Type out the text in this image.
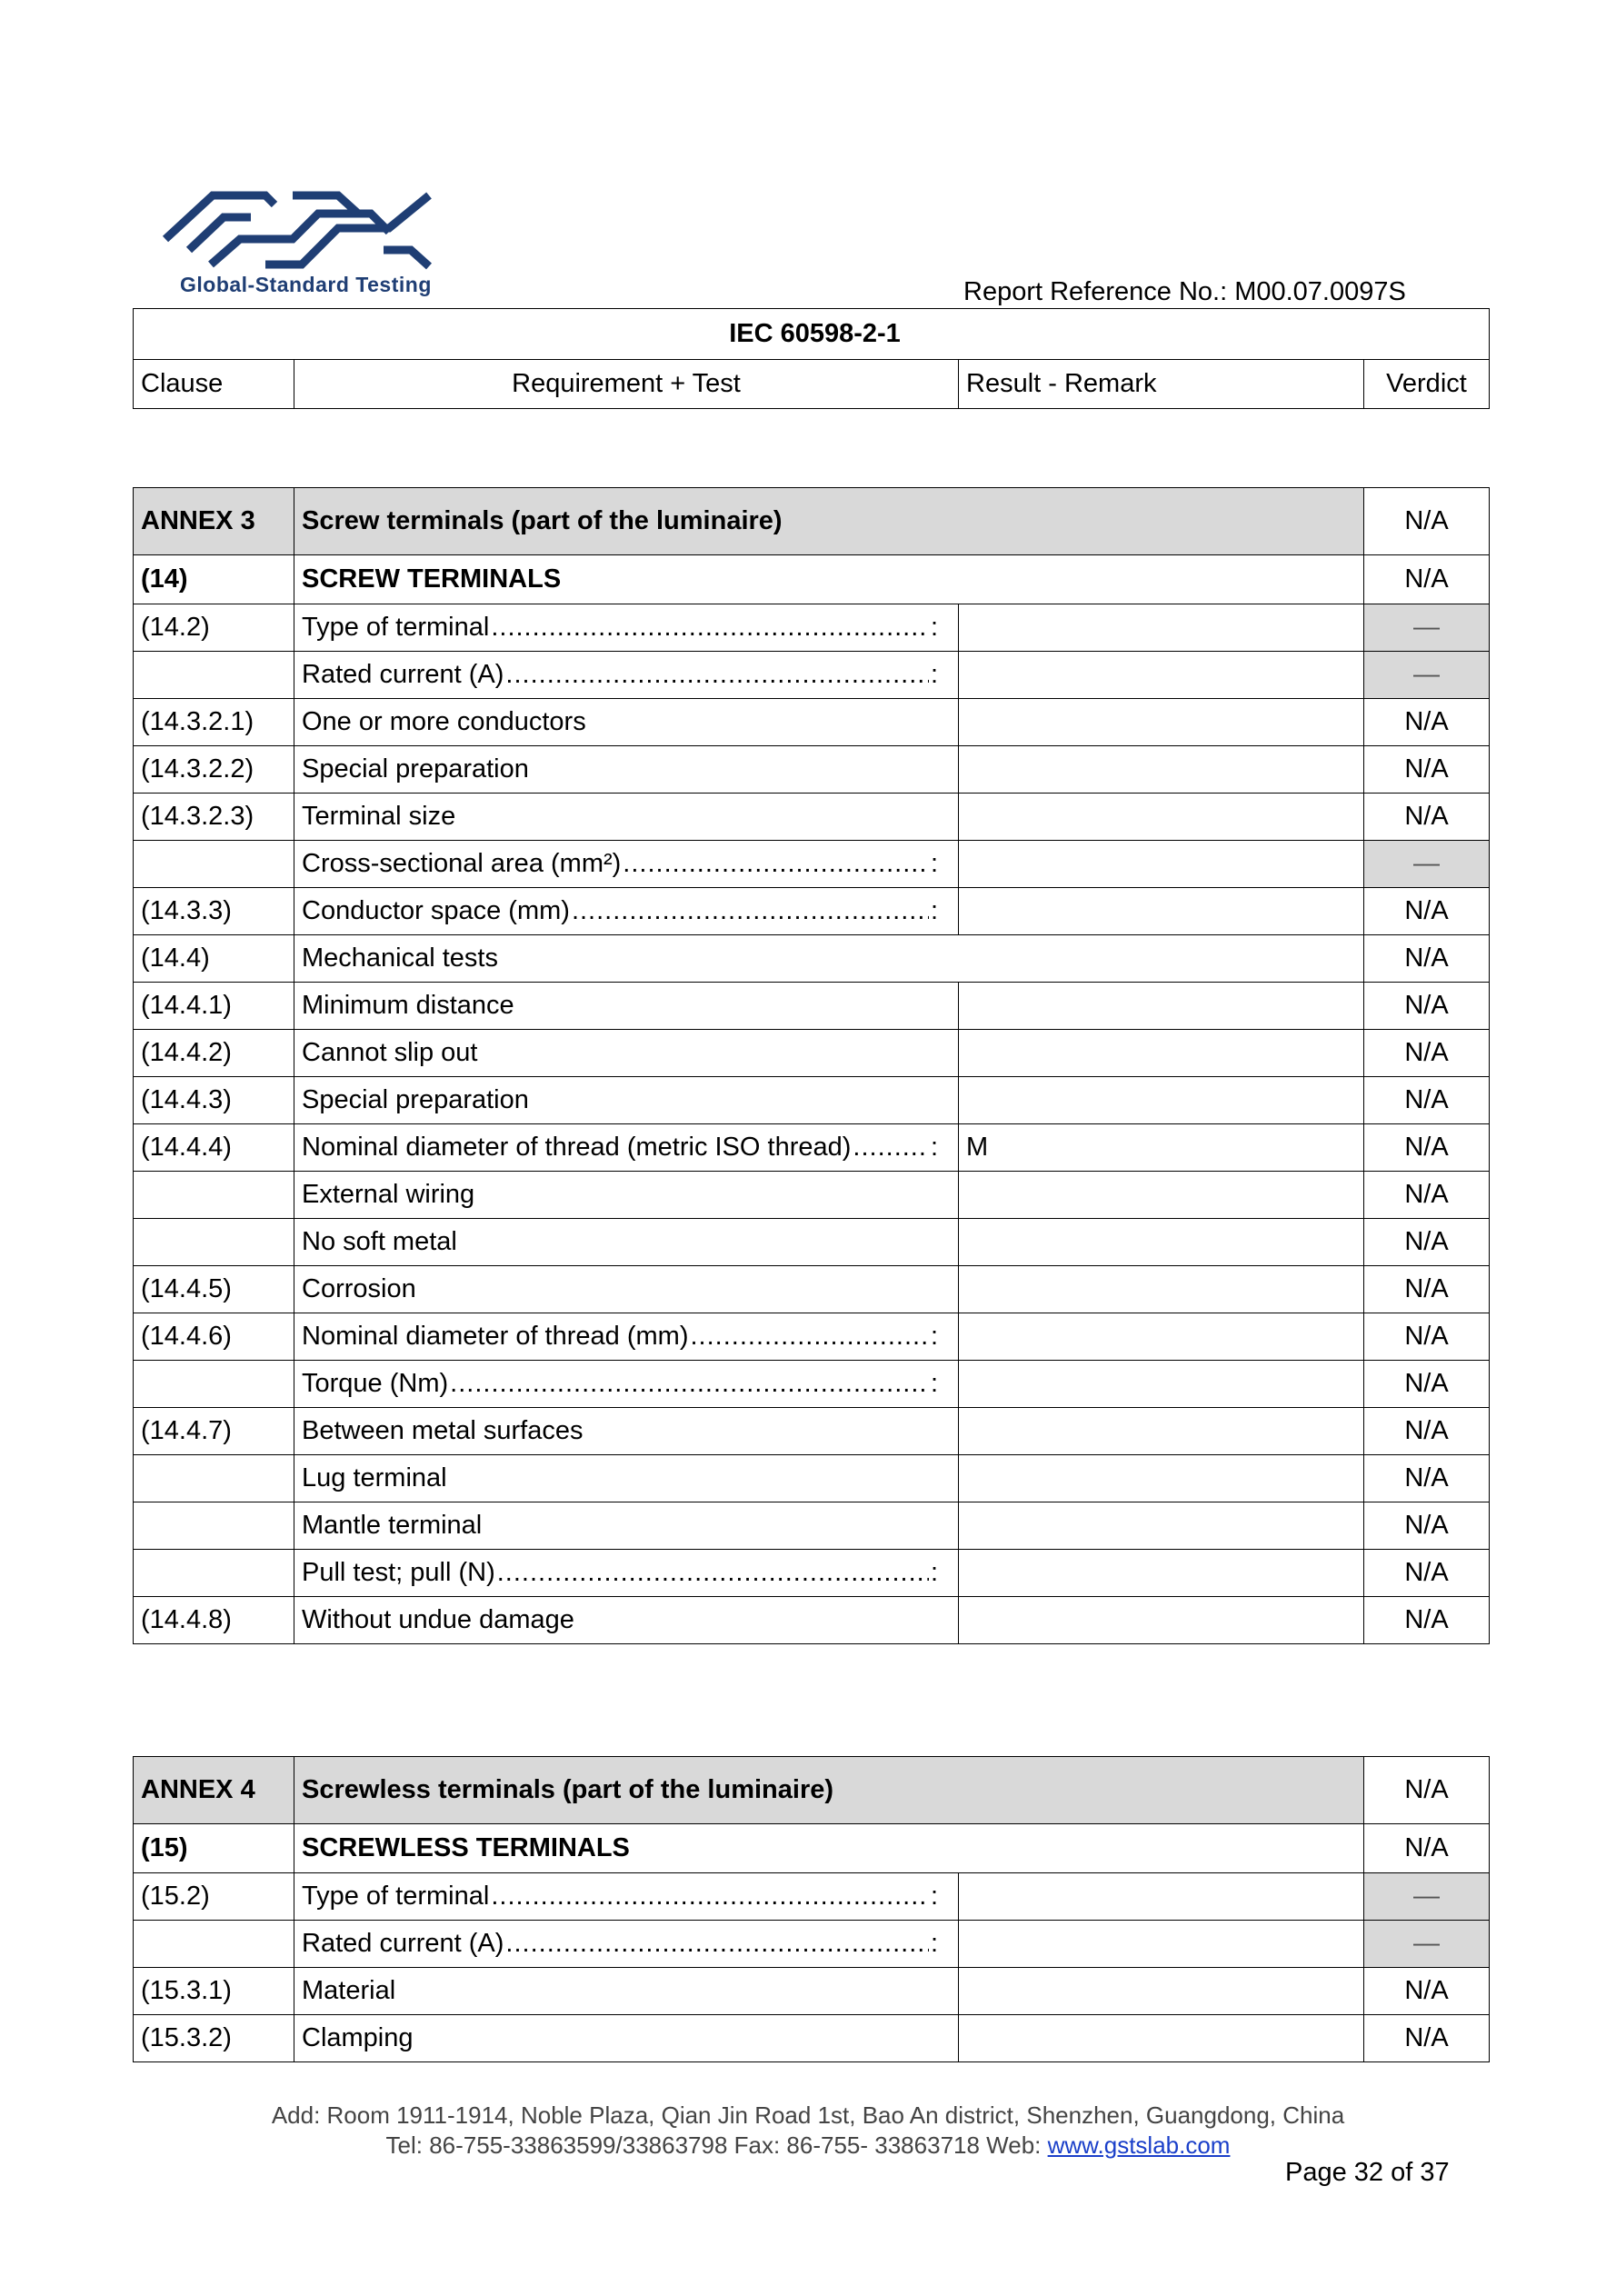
Global-Standard Testing	Report Reference No.: M00.07.0097S
IEC 60598-2-1
Clause	Requirement + Test	Result - Remark	Verdict
ANNEX 3	Screw terminals (part of the luminaire)		N/A
(14)	SCREW TERMINALS		N/A
(14.2)	Type of terminal ..... :		—

	Rated current (A) ..... :		—
(14.3.2.1)	One or more conductors		N/A
(14.3.2.2)	Special preparation		N/A
(14.3.2.3)	Terminal size		N/A

	Cross-sectional area (mm²) ..... :		—
(14.3.3)	Conductor space (mm) ..... :		N/A
(14.4)	Mechanical tests		N/A
(14.4.1)	Minimum distance		N/A
(14.4.2)	Cannot slip out		N/A
(14.4.3)	Special preparation		N/A
(14.4.4)	Nominal diameter of thread (metric ISO thread) ..... :	M	N/A
	External wiring		N/A
	No soft metal		N/A
(14.4.5)	Corrosion		N/A
(14.4.6)	Nominal diameter of thread (mm) ..... :		N/A

	Torque (Nm) ..... :		N/A
(14.4.7)	Between metal surfaces		N/A
	Lug terminal		N/A
	Mantle terminal		N/A

	Pull test; pull (N) ..... :		N/A
(14.4.8)	Without undue damage		N/A
ANNEX 4	Screwless terminals (part of the luminaire)		N/A
(15)	SCREWLESS TERMINALS		N/A
(15.2)	Type of terminal ..... :		—

	Rated current (A) ..... :		—
(15.3.1)	Material		N/A
(15.3.2)	Clamping		N/A
Add: Room 1911-1914, Noble Plaza, Qian Jin Road 1st, Bao An district, Shenzhen, Guangdong, China
Tel: 86-755-33863599/33863798 Fax: 86-755- 33863718 Web: www.gstslab.com
Page 32 of 37
